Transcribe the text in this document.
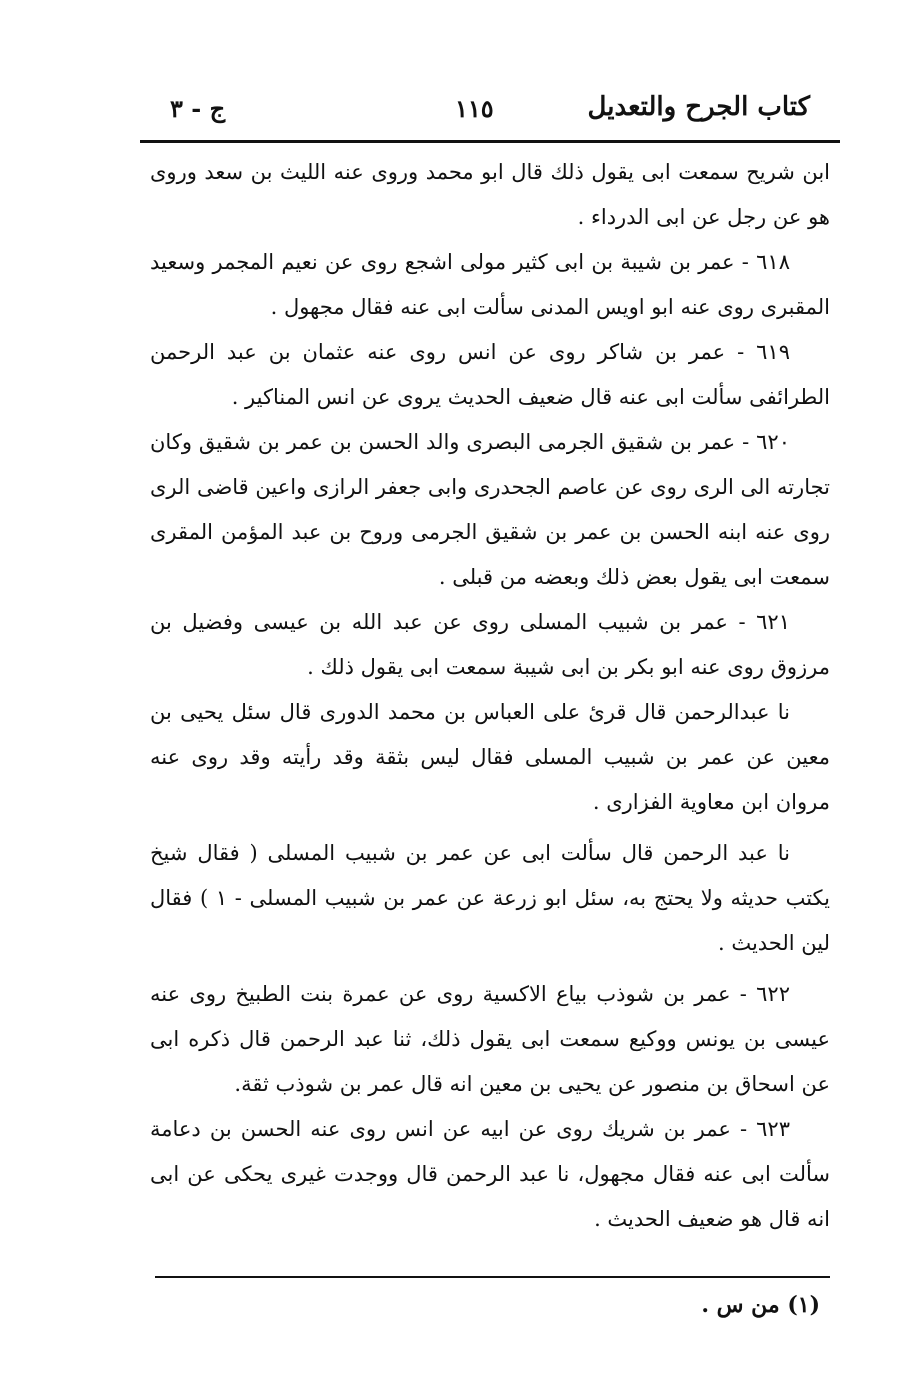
كتاب الجرح والتعديل
١١٥
ج - ٣

ابن شريح سمعت ابى يقول ذلك قال ابو محمد وروى عنه الليث بن سعد وروى هو عن رجل عن ابى الدرداء .

٦١٨ - عمر بن شيبة بن ابى كثير مولى اشجع روى عن نعيم المجمر وسعيد المقبرى روى عنه ابو اويس المدنى سألت ابى عنه فقال مجهول .

٦١٩ - عمر بن شاكر روى عن انس روى عنه عثمان بن عبد الرحمن الطرائفى سألت ابى عنه قال ضعيف الحديث يروى عن انس المناكير .

٦٢٠ - عمر بن شقيق الجرمى البصرى والد الحسن بن عمر بن شقيق وكان تجارته الى الرى روى عن عاصم الجحدرى وابى جعفر الرازى واعين قاضى الرى روى عنه ابنه الحسن بن عمر بن شقيق الجرمى وروح بن عبد المؤمن المقرى سمعت ابى يقول بعض ذلك وبعضه من قبلى .

٦٢١ - عمر بن شبيب المسلى روى عن عبد الله بن عيسى وفضيل بن مرزوق روى عنه ابو بكر بن ابى شيبة سمعت ابى يقول ذلك .

نا عبدالرحمن قال قرئ على العباس بن محمد الدورى قال سئل يحيى بن معين عن عمر بن شبيب المسلى فقال ليس بثقة وقد رأيته وقد روى عنه مروان ابن معاوية الفزارى .

نا عبد الرحمن قال سألت ابى عن عمر بن شبيب المسلى ( فقال شيخ يكتب حديثه ولا يحتج به، سئل ابو زرعة عن عمر بن شبيب المسلى - ١ ) فقال لين الحديث .

٦٢٢ - عمر بن شوذب بياع الاكسية روى عن عمرة بنت الطبيخ روى عنه عيسى بن يونس ووكيع سمعت ابى يقول ذلك، ثنا عبد الرحمن قال ذكره ابى عن اسحاق بن منصور عن يحيى بن معين انه قال عمر بن شوذب ثقة.

٦٢٣ - عمر بن شريك روى عن ابيه عن انس روى عنه الحسن بن دعامة سألت ابى عنه فقال مجهول، نا عبد الرحمن قال ووجدت غيرى يحكى عن ابى انه قال هو ضعيف الحديث .

(١) من س .
